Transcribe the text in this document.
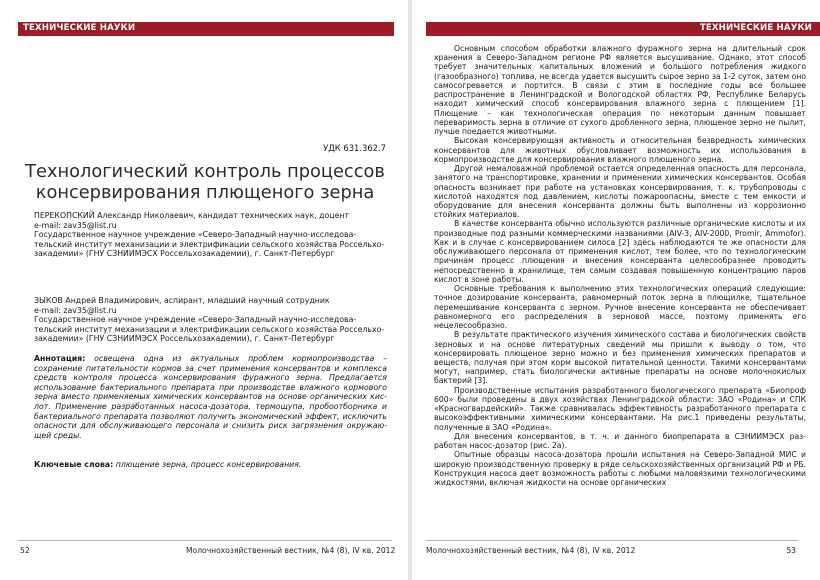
ТЕХНИЧЕСКИЕ НАУКИ
УДК 631.362.7
Технологический контроль процессов
консервирования плющеного зерна
ПЕРЕКОПСКИЙ Александр Николаевич, кандидат технических наук, доцент
e-mail: zav35@list.ru
Государственное научное учреждение «Северо-Западный научно-исследова-
тельский институт механизации и электрификации сельского хозяйства Россельхо-
закадемии» (ГНУ СЗНИИМЭСХ Россельхозакадемии), г. Санкт-Петербург
ЗЫКОВ Андрей Владимирович, аспирант, младший научный сотрудник
e-mail: zav35@list.ru
Государственное научное учреждение «Северо-Западный научно-исследова-
тельский институт механизации и электрификации сельского хозяйства Россельхо-
закадемии» (ГНУ СЗНИИМЭСХ Россельхозакадемии), г. Санкт-Петербург
Аннотация: освещена одна из актуальных проблем кормопроизводства – сохранение питательности кормов за счет применения консервантов и комплекса средств контроля процесса консервирования фуражного зерна. Предлагается использование бактериального препарата при производстве влажного кормового зерна вместо применяемых химических консервантов на основе органических кислот. Применение разработанных насоса-дозатора, термощупа, пробоотборника и бактериального препарата позволяют получить экономический эффект, исключить опасности для обслуживающего персонала и снизить риск загрязнения окружающей среды.
Ключевые слова: плющение зерна, процесс консервирования.
52	Молочнохозяйственный вестник, №4 (8), IV кв. 2012
ТЕХНИЧЕСКИЕ НАУКИ

Основным способом обработки влажного фуражного зерна на длительный срок хранения в Северо-Западном регионе РФ является высушивание. Однако, этот способ требует значительных капитальных вложений и большого потребления жидкого (газообразного) топлива, не всегда удается высушить сырое зерно за 1-2 суток, затем оно самосогревается и портится. В связи с этим в последние годы все большее распространение в Ленинградской и Вологодской областях РФ, Республике Беларусь находит химический способ консервирования влажного зерна с плющением [1]. Плющение – как технологическая операция по некоторым данным повышает переваримость зерна в отличие от сухого дробленного зерна, плющеное зерно не пылит, лучше поедается животными.

Высокая консервирующая активность и относительная безвредность химических консервантов для животных обусловливает возможность их использования в кормопроизводстве для консервирования влажного плющеного зерна.

Другой немаловажной проблемой остается определенная опасность для персонала, занятого на транспортировке, хранении и применении химических консервантов. Особая опасность возникает при работе на установках консервирования, т. к. трубопроводы с кислотой находятся под давлением, кислоты пожароопасны, вместе с тем емкости и оборудование для внесения консерванта должны быть выполнены из коррозионно стойких материалов.

В качестве консерванта обычно используются различные органические кислоты и их производные под разными коммерческими названиями (AIV-3, AIV-2000, Promir, Ammofor). Как и в случае с консервированием силоса [2] здесь наблюдаются те же опасности для обслуживающего персонала от применения кислот, тем более, что по технологическим причинам процесс плющения и внесения консерванта целесообразнее проводить непосредственно в хранилище, тем самым создавая повышенную концентрацию паров кислот в зоне работы.

Основные требования к выполнению этих технологических операций следующие: точное дозирование консерванта, равномерный поток зерна в плющилке, тщательное перемешивание консерванта с зерном. Ручное внесение консерванта не обеспечивает равномерного его распределения в зерновой массе, поэтому применять его нецелесообразно.

В результате практического изучения химического состава и биологических свойств зерновых и на основе литературных сведений мы пришли к выводу о том, что консервировать плющеное зерно можно и без применения химических препаратов и веществ, получая при этом корм высокой питательной ценности. Такими консервантами могут, например, стать биологически активные препараты на основе молочнокислых бактерий [3].

Производственные испытания разработанного биологического препарата «Биопроф 600» были проведены в двух хозяйствах Ленинградской области: ЗАО «Родина» и СПК «Красногвардейский». Также сравнивалась эффективность разработанного препарата с высокоэффективными химическими консервантами. На рис.1 приведены результаты, полученные в ЗАО «Родина».

Для внесения консервантов, в т. ч. и данного биопрепарата в СЗНИИМЭСХ разработан насос-дозатор (рис. 2а).

Опытные образцы насоса-дозатора прошли испытания на Северо-Западной МИС и широкую производственную проверку в ряде сельскохозяйственных организаций РФ и РБ. Конструкция насоса дает возможность работы с любыми маловязкими технологическими жидкостями, включая жидкости на основе органических

Молочнохозяйственный вестник, №4 (8), IV кв. 2012	53
